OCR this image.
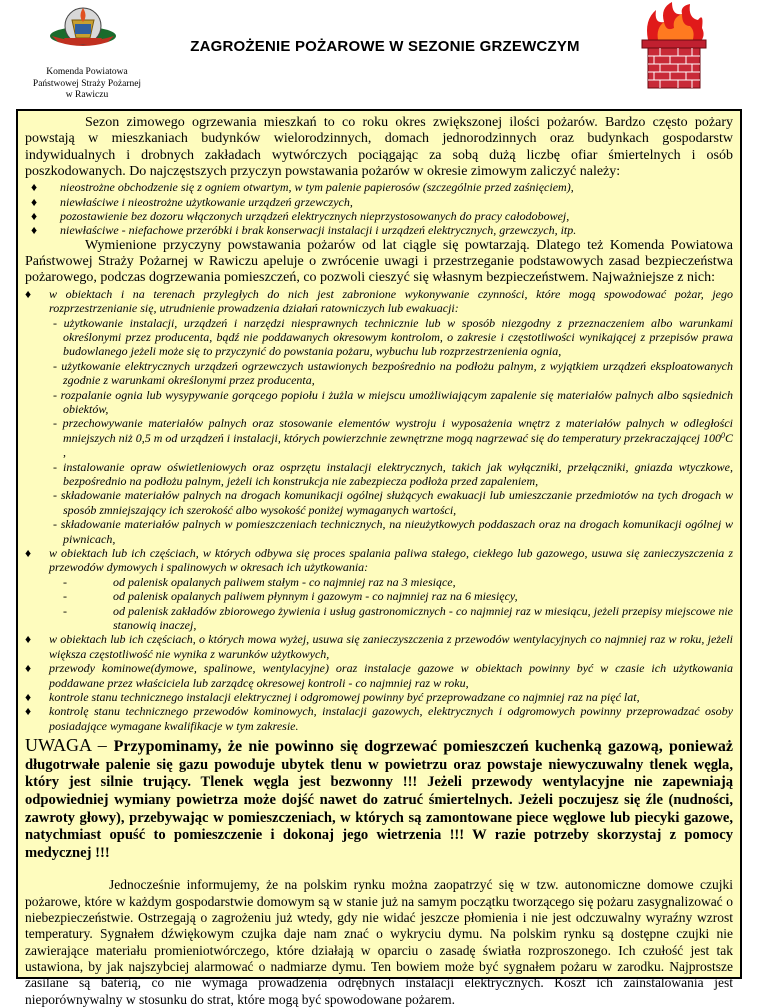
ZAGROŻENIE POŻAROWE W SEZONIE GRZEWCZYM
Komenda Powiatowa
Państwowej Straży Pożarnej
w Rawiczu

Sezon zimowego ogrzewania mieszkań to co roku okres zwiększonej ilości pożarów. Bardzo często pożary powstają w mieszkaniach budynków wielorodzinnych, domach jednorodzinnych oraz budynkach gospodarstw indywidualnych i drobnych zakładach wytwórczych pociągając za sobą dużą liczbę ofiar śmiertelnych i osób poszkodowanych. Do najczęstszych przyczyn powstawania pożarów w okresie zimowym zaliczyć należy:

♦ nieostrożne obchodzenie się z ogniem otwartym, w tym palenie papierosów (szczególnie przed zaśnięciem),
♦ niewłaściwe i nieostrożne użytkowanie urządzeń grzewczych,
♦ pozostawienie bez dozoru włączonych urządzeń elektrycznych nieprzystosowanych do pracy całodobowej,
♦ niewłaściwe - niefachowe przeróbki i brak konserwacji instalacji i urządzeń elektrycznych, grzewczych, itp.

Wymienione przyczyny powstawania pożarów od lat ciągle się powtarzają. Dlatego też Komenda Powiatowa Państwowej Straży Pożarnej w Rawiczu apeluje o zwrócenie uwagi i przestrzeganie podstawowych zasad bezpieczeństwa pożarowego, podczas dogrzewania pomieszczeń, co pozwoli cieszyć się własnym bezpieczeństwem. Najważniejsze z nich:

♦ w obiektach i na terenach przyległych do nich jest zabronione wykonywanie czynności, które mogą spowodować pożar, jego rozprzestrzenianie się, utrudnienie prowadzenia działań ratowniczych lub ewakuacji:
- użytkowanie instalacji, urządzeń i narzędzi niesprawnych technicznie lub w sposób niezgodny z przeznaczeniem albo warunkami określonymi przez producenta, bądź nie poddawanych okresowym kontrolom, o zakresie i częstotliwości wynikającej z przepisów prawa budowlanego jeżeli może się to przyczynić do powstania pożaru, wybuchu lub rozprzestrzenienia ognia,
- użytkowanie elektrycznych urządzeń ogrzewczych ustawionych bezpośrednio na podłożu palnym, z wyjątkiem urządzeń eksploatowanych zgodnie z warunkami określonymi przez producenta,
- rozpalanie ognia lub wysypywanie gorącego popiołu i żużla w miejscu umożliwiającym zapalenie się materiałów palnych albo sąsiednich obiektów,
- przechowywanie materiałów palnych oraz stosowanie elementów wystroju i wyposażenia wnętrz z materiałów palnych w odległości mniejszych niż 0,5 m od urządzeń i instalacji, których powierzchnie zewnętrzne mogą nagrzewać się do temperatury przekraczającej $100^0C$ ,
- instalowanie opraw oświetleniowych oraz osprzętu instalacji elektrycznych, takich jak wyłączniki, przełączniki, gniazda wtyczkowe, bezpośrednio na podłożu palnym, jeżeli ich konstrukcja nie zabezpiecza podłoża przed zapaleniem,
- składowanie materiałów palnych na drogach komunikacji ogólnej służących ewakuacji lub umieszczanie przedmiotów na tych drogach w sposób zmniejszający ich szerokość albo wysokość poniżej wymaganych wartości,
- składowanie materiałów palnych w pomieszczeniach technicznych, na nieużytkowych poddaszach oraz na drogach komunikacji ogólnej w piwnicach,
♦ w obiektach lub ich częściach, w których odbywa się proces spalania paliwa stałego, ciekłego lub gazowego, usuwa się zanieczyszczenia z przewodów dymowych i spalinowych w okresach ich użytkowania:
-	od palenisk opalanych paliwem stałym - co najmniej raz na 3 miesiące,
-	od palenisk opalanych paliwem płynnym i gazowym - co najmniej raz na 6 miesięcy,
-	od palenisk zakładów zbiorowego żywienia i usług gastronomicznych - co najmniej raz w miesiącu, jeżeli przepisy miejscowe nie stanowią inaczej,
♦ w obiektach lub ich częściach, o których mowa wyżej, usuwa się zanieczyszczenia z przewodów wentylacyjnych co najmniej raz w roku, jeżeli większa częstotliwość nie wynika z warunków użytkowych,
♦ przewody kominowe(dymowe, spalinowe, wentylacyjne) oraz instalacje gazowe w obiektach powinny być w czasie ich użytkowania poddawane przez właściciela lub zarządcę okresowej kontroli - co najmniej raz w roku,
♦ kontrole stanu technicznego instalacji elektrycznej i odgromowej powinny być przeprowadzane co najmniej raz na pięć lat,
♦ kontrolę stanu technicznego przewodów kominowych, instalacji gazowych, elektrycznych i odgromowych powinny przeprowadzać osoby posiadające wymagane kwalifikacje w tym zakresie.

UWAGA – Przypominamy, że nie powinno się dogrzewać pomieszczeń kuchenką gazową, ponieważ długotrwałe palenie się gazu powoduje ubytek tlenu w powietrzu oraz powstaje niewyczuwalny tlenek węgla, który jest silnie trujący. Tlenek węgla jest bezwonny !!! Jeżeli przewody wentylacyjne nie zapewniają odpowiedniej wymiany powietrza może dojść nawet do zatruć śmiertelnych. Jeżeli poczujesz się źle (nudności, zawroty głowy), przebywając w pomieszczeniach, w których są zamontowane piece węglowe lub piecyki gazowe, natychmiast opuść to pomieszczenie i dokonaj jego wietrzenia !!! W razie potrzeby skorzystaj z pomocy medycznej !!!

Jednocześnie informujemy, że na polskim rynku można zaopatrzyć się w tzw. autonomiczne domowe czujki pożarowe, które w każdym gospodarstwie domowym są w stanie już na samym początku tworzącego się pożaru zasygnalizować o niebezpieczeństwie. Ostrzegają o zagrożeniu już wtedy, gdy nie widać jeszcze płomienia i nie jest odczuwalny wyraźny wzrost temperatury. Sygnałem dźwiękowym czujka daje nam znać o wykryciu dymu. Na polskim rynku są dostępne czujki nie zawierające materiału promieniotwórczego, które działają w oparciu o zasadę światła rozproszonego. Ich czułość jest tak ustawiona, by jak najszybciej alarmować o nadmiarze dymu. Ten bowiem może być sygnałem pożaru w zarodku. Najprostsze zasilane są baterią, co nie wymaga prowadzenia odrębnych instalacji elektrycznych. Koszt ich zainstalowania jest nieporównywalny w stosunku do strat, które mogą być spowodowane pożarem.
